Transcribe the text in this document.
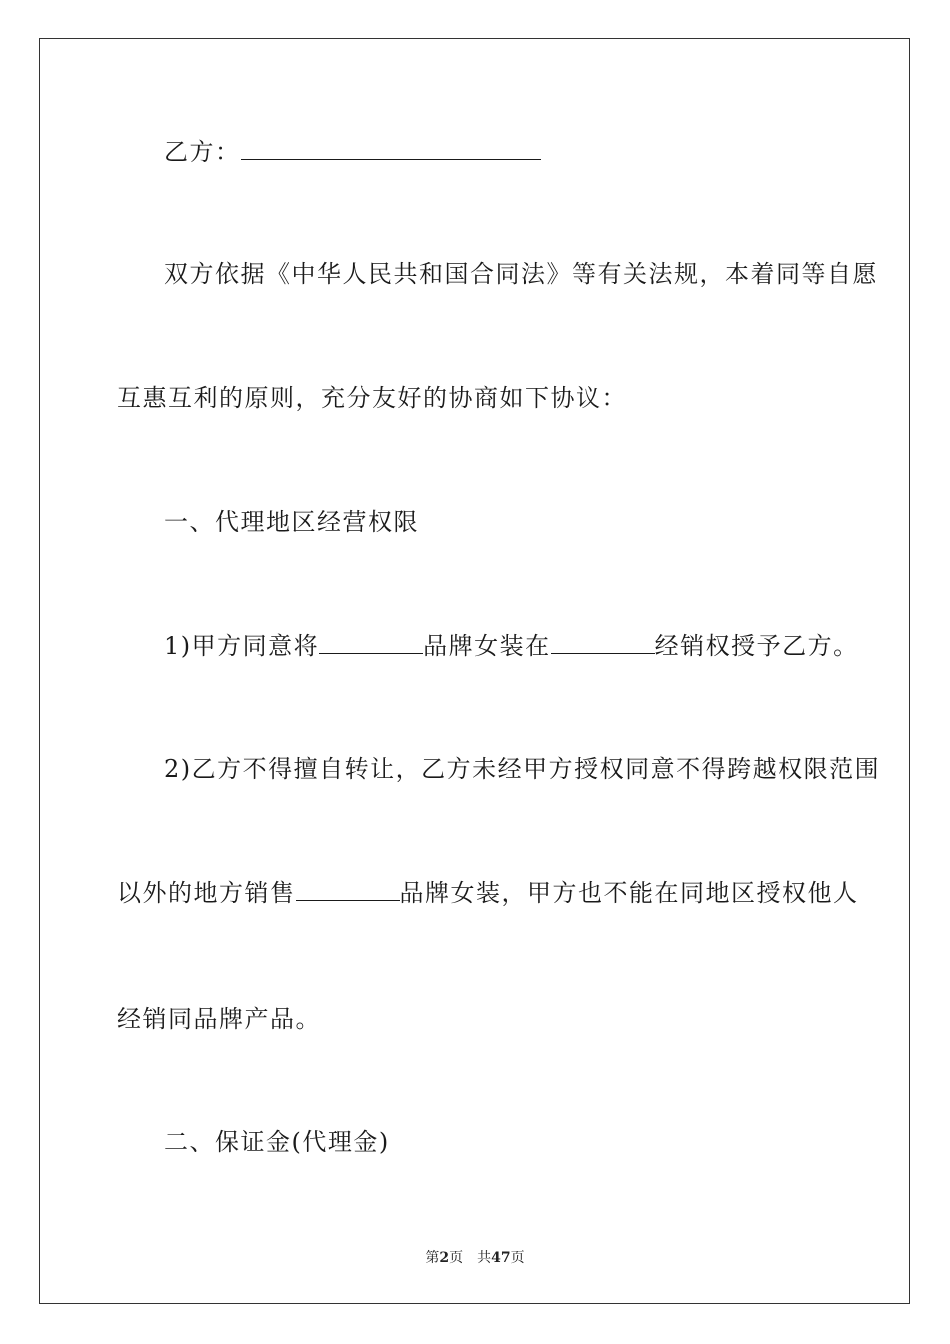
乙方：
双方依据《中华人民共和国合同法》等有关法规，本着同等自愿
互惠互利的原则，充分友好的协商如下协议：
一、代理地区经营权限
1)甲方同意将	品牌女装在	经销权授予乙方。
2)乙方不得擅自转让，乙方未经甲方授权同意不得跨越权限范围
以外的地方销售	品牌女装，甲方也不能在同地区授权他人
经销同品牌产品。
二、保证金(代理金)
第2页 共47页
